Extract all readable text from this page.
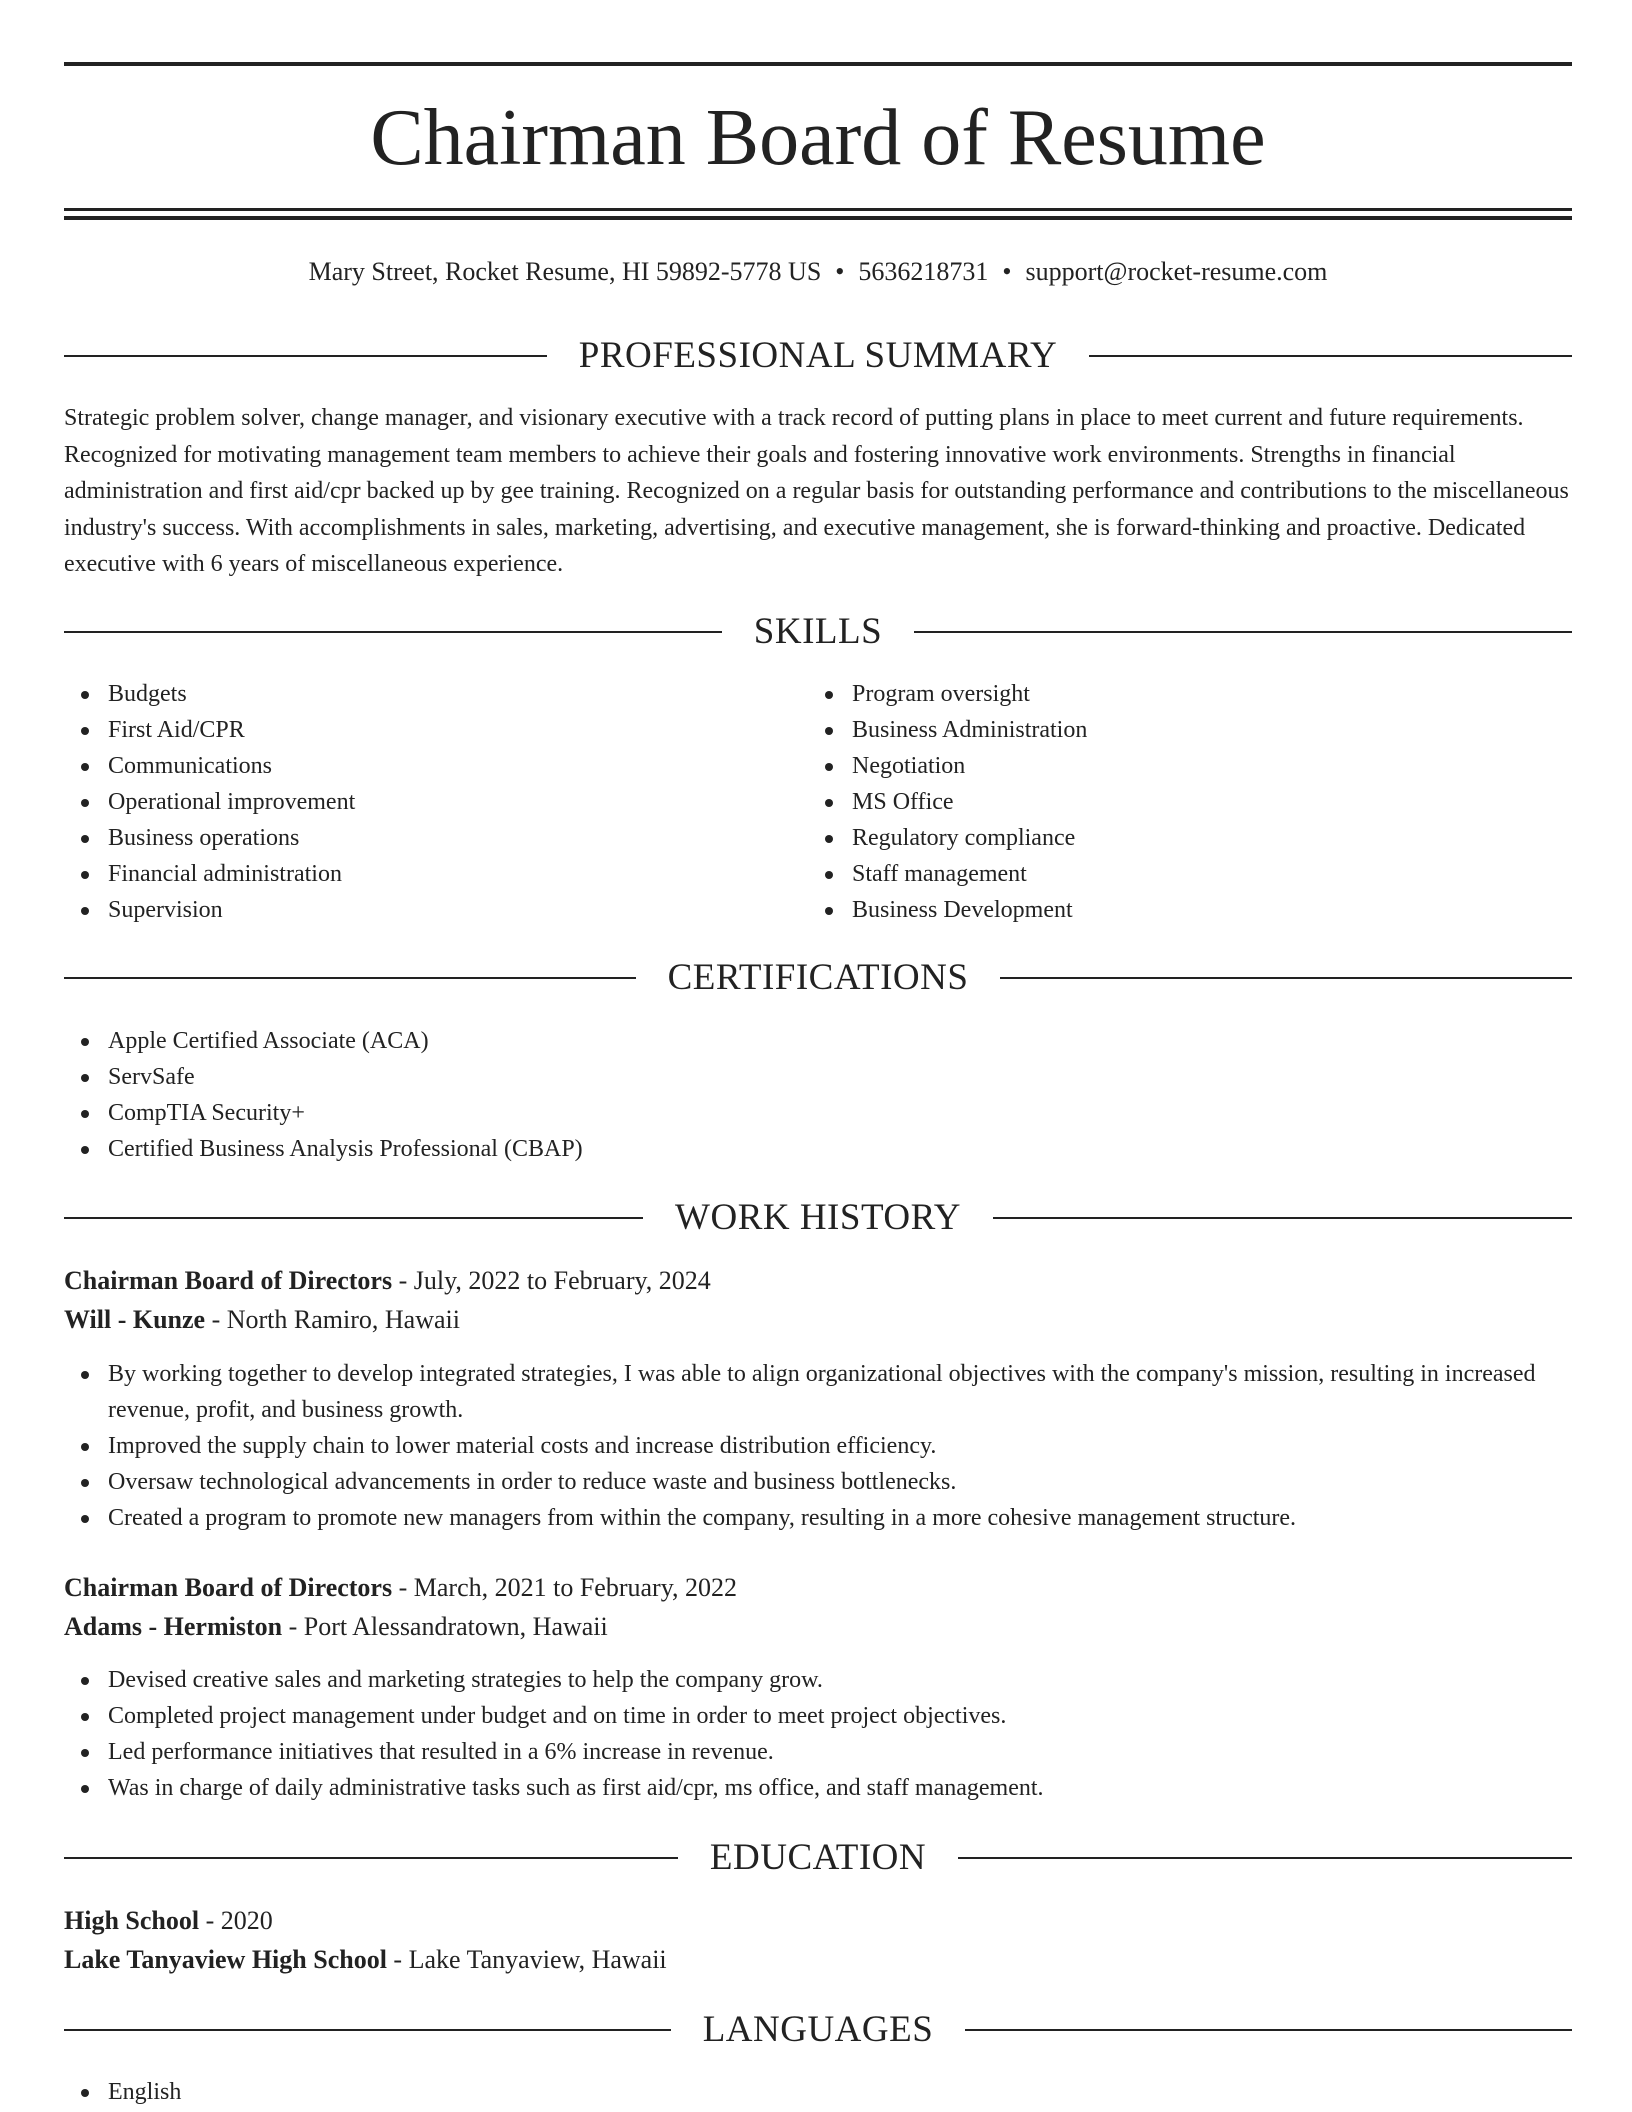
Chairman Board of Resume
Mary Street, Rocket Resume, HI 59892-5778 US • 5636218731 • support@rocket-resume.com
PROFESSIONAL SUMMARY

Strategic problem solver, change manager, and visionary executive with a track record of putting plans in place to meet current and future requirements. Recognized for motivating management team members to achieve their goals and fostering innovative work environments. Strengths in financial administration and first aid/cpr backed up by gee training. Recognized on a regular basis for outstanding performance and contributions to the miscellaneous industry's success. With accomplishments in sales, marketing, advertising, and executive management, she is forward-thinking and proactive. Dedicated executive with 6 years of miscellaneous experience.

SKILLS
Budgets
First Aid/CPR
Communications
Operational improvement
Business operations
Financial administration
Supervision
Program oversight
Business Administration
Negotiation
MS Office
Regulatory compliance
Staff management
Business Development
CERTIFICATIONS
Apple Certified Associate (ACA)
ServSafe
CompTIA Security+
Certified Business Analysis Professional (CBAP)
WORK HISTORY
Chairman Board of Directors - July, 2022 to February, 2024
Will - Kunze - North Ramiro, Hawaii
By working together to develop integrated strategies, I was able to align organizational objectives with the company's mission, resulting in increased revenue, profit, and business growth.
Improved the supply chain to lower material costs and increase distribution efficiency.
Oversaw technological advancements in order to reduce waste and business bottlenecks.
Created a program to promote new managers from within the company, resulting in a more cohesive management structure.
Chairman Board of Directors - March, 2021 to February, 2022
Adams - Hermiston - Port Alessandratown, Hawaii
Devised creative sales and marketing strategies to help the company grow.
Completed project management under budget and on time in order to meet project objectives.
Led performance initiatives that resulted in a 6% increase in revenue.
Was in charge of daily administrative tasks such as first aid/cpr, ms office, and staff management.
EDUCATION
High School - 2020
Lake Tanyaview High School - Lake Tanyaview, Hawaii
LANGUAGES
English
